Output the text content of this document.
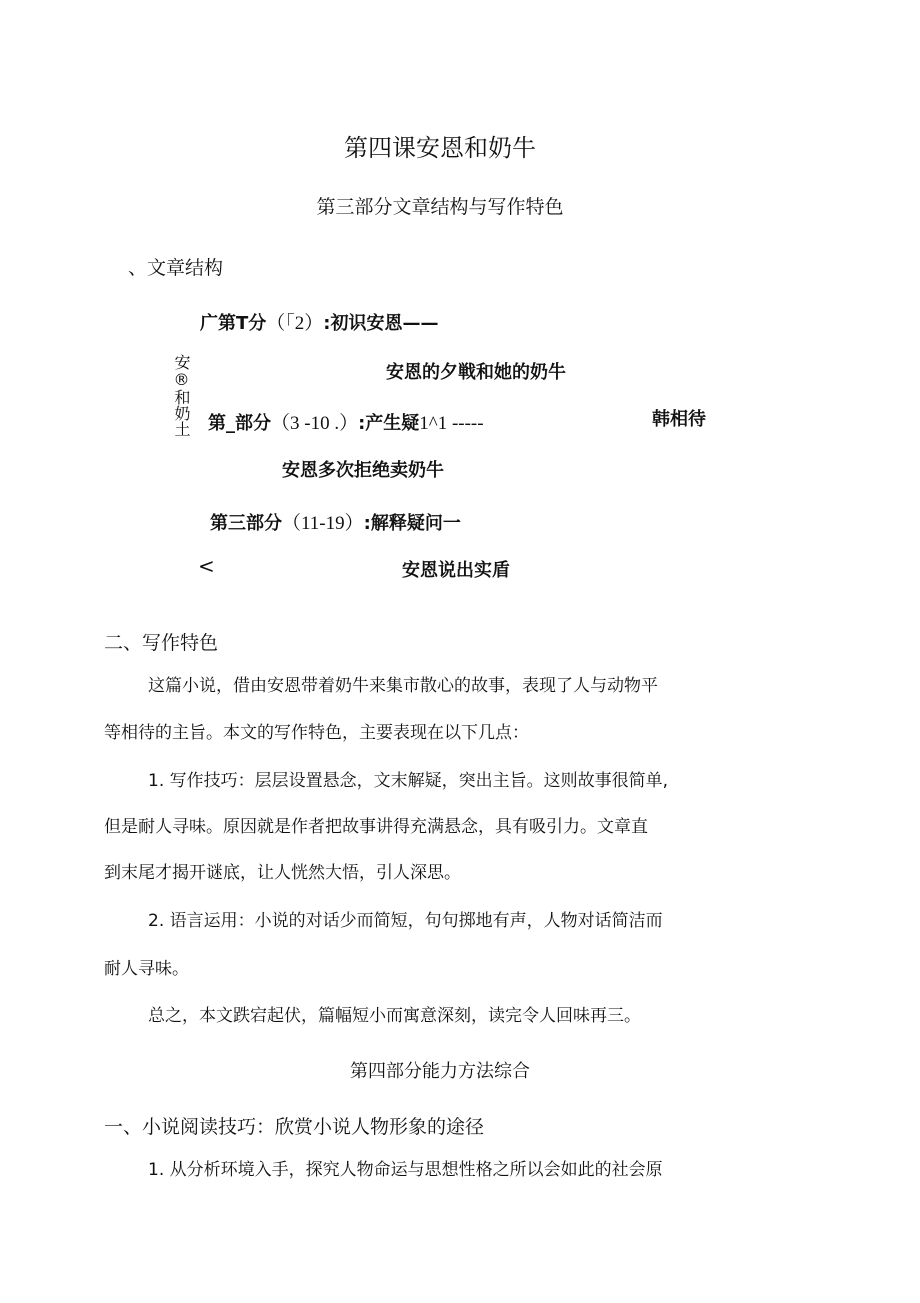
第四课安恩和奶牛
第三部分文章结构与写作特色
、文章结构
安®和奶土
广第T分（「2）:初识安恩——
安恩的夕戦和她的奶牛
第_部分（3 -10 .）:产生疑1^1 -----	韩相待
安恩多次拒绝卖奶牛
第三部分（11-19）:解释疑问一
<	安恩说出实盾
二、写作特色
这篇小说，借由安恩带着奶牛来集市散心的故事，表现了人与动物平
等相待的主旨。本文的写作特色，主要表现在以下几点：
1. 写作技巧：层层设置悬念，文末解疑，突出主旨。这则故事很简单,
但是耐人寻味。原因就是作者把故事讲得充满悬念，具有吸引力。文章直
到末尾才揭开谜底，让人恍然大悟，引人深思。
2. 语言运用：小说的对话少而简短，句句掷地有声，人物对话简洁而
耐人寻味。
总之，本文跌宕起伏，篇幅短小而寓意深刻，读完令人回味再三。
第四部分能力方法综合
一、小说阅读技巧：欣赏小说人物形象的途径
1. 从分析环境入手，探究人物命运与思想性格之所以会如此的社会原
